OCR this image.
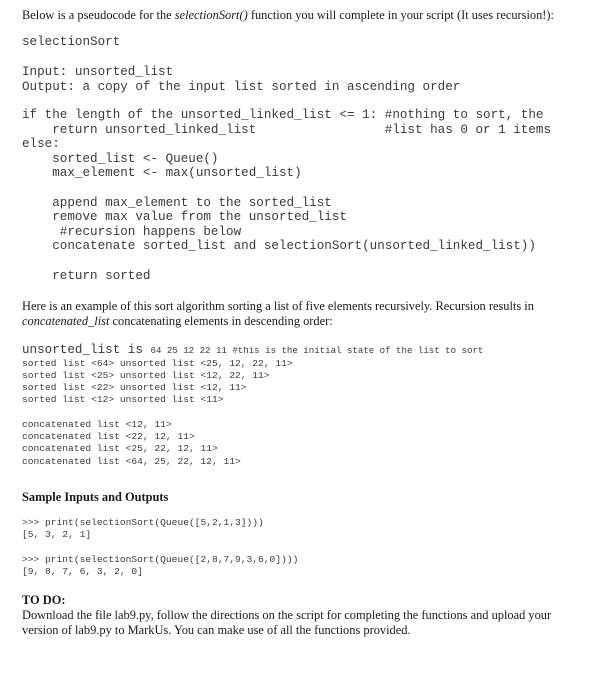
Below is a pseudocode for the selectionSort() function you will complete in your script (It uses recursion!):

selectionSort
Input: unsorted_list
Output: a copy of the input list sorted in ascending order
if the length of the unsorted_linked_list <= 1: #nothing to sort, the
return unsorted_linked_list                 #list has 0 or 1 items
else:
sorted_list <- Queue()
max_element <- max(unsorted_list)
append max_element to the sorted_list
remove max value from the unsorted_list
#recursion happens below
concatenate sorted_list and selectionSort(unsorted_linked_list))
return sorted

Here is an example of this sort algorithm sorting a list of five elements recursively. Recursion results in

concatenated_list concatenating elements in descending order:

unsorted_list is 64 25 12 22 11 #this is the initial state of the list to sort
sorted list <64> unsorted list <25, 12, 22, 11>
sorted list <25> unsorted list <12, 22, 11>
sorted list <22> unsorted list <12, 11>
sorted list <12> unsorted list <11>
concatenated list <12, 11>
concatenated list <22, 12, 11>
concatenated list <25, 22, 12, 11>
concatenated list <64, 25, 22, 12, 11>

Sample Inputs and Outputs

>>> print(selectionSort(Queue([5,2,1,3])))
[5, 3, 2, 1]
>>> print(selectionSort(Queue([2,8,7,9,3,6,0])))
[9, 8, 7, 6, 3, 2, 0]

TO DO:

Download the file lab9.py, follow the directions on the script for completing the functions and upload your

version of lab9.py to MarkUs. You can make use of all the functions provided.
